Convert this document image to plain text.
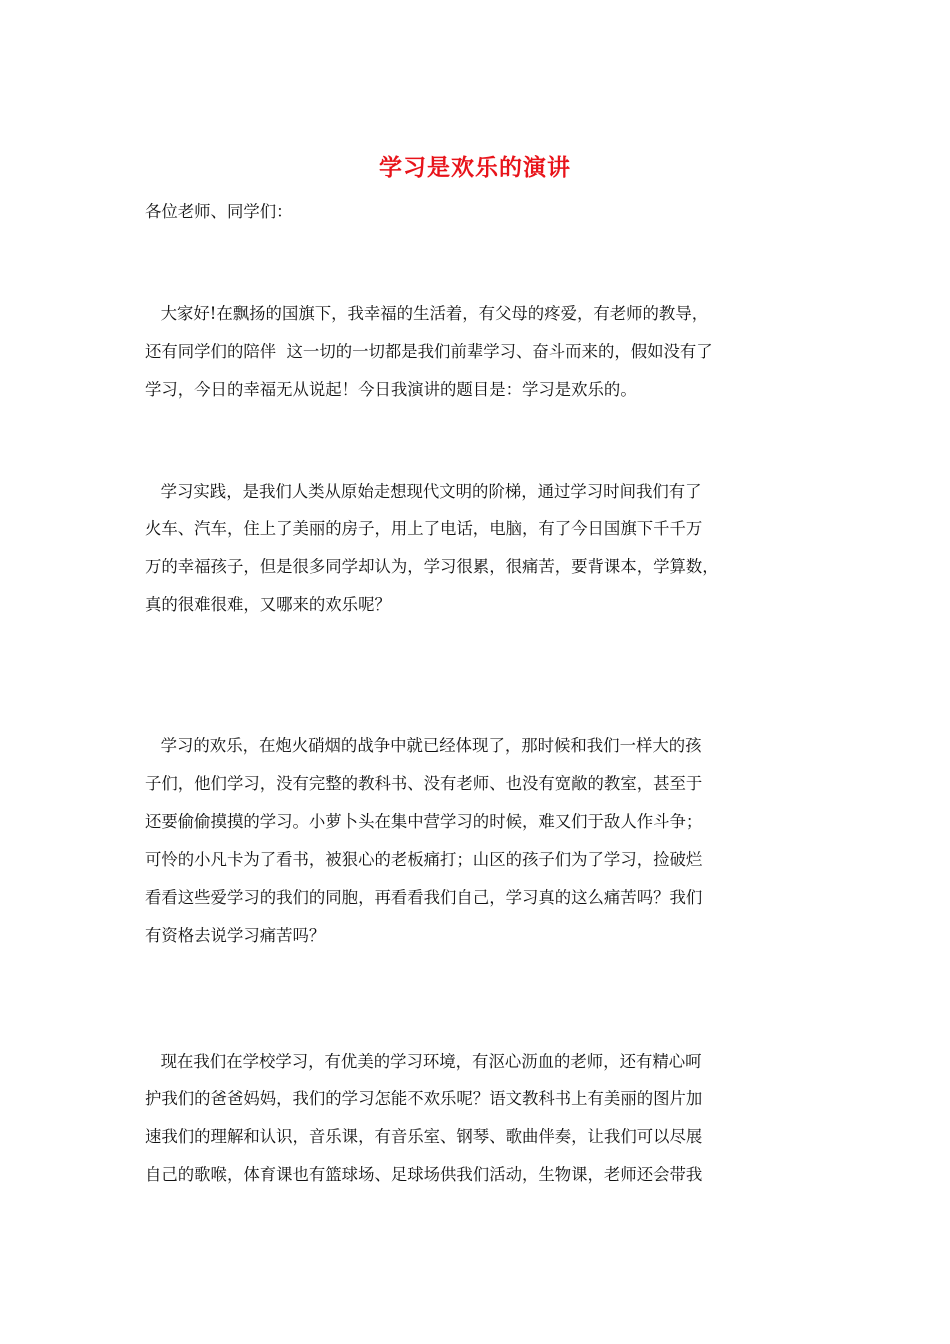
学习是欢乐的演讲
各位老师、同学们：
大家好!在飘扬的国旗下，我幸福的生活着，有父母的疼爱，有老师的教导，
还有同学们的陪伴  这一切的一切都是我们前辈学习、奋斗而来的，假如没有了
学习，今日的幸福无从说起！今日我演讲的题目是：学习是欢乐的。
学习实践，是我们人类从原始走想现代文明的阶梯，通过学习时间我们有了
火车、汽车，住上了美丽的房子，用上了电话，电脑，有了今日国旗下千千万
万的幸福孩子，但是很多同学却认为，学习很累，很痛苦，要背课本，学算数，
真的很难很难，又哪来的欢乐呢？
学习的欢乐，在炮火硝烟的战争中就已经体现了，那时候和我们一样大的孩
子们，他们学习，没有完整的教科书、没有老师、也没有宽敞的教室，甚至于
还要偷偷摸摸的学习。小萝卜头在集中营学习的时候，难又们于敌人作斗争；
可怜的小凡卡为了看书，被狠心的老板痛打；山区的孩子们为了学习，捡破烂
看看这些爱学习的我们的同胞，再看看我们自己，学习真的这么痛苦吗？我们
有资格去说学习痛苦吗？
现在我们在学校学习，有优美的学习环境，有沤心沥血的老师，还有精心呵
护我们的爸爸妈妈，我们的学习怎能不欢乐呢？语文教科书上有美丽的图片加
速我们的理解和认识，音乐课，有音乐室、钢琴、歌曲伴奏，让我们可以尽展
自己的歌喉，体育课也有篮球场、足球场供我们活动，生物课，老师还会带我
